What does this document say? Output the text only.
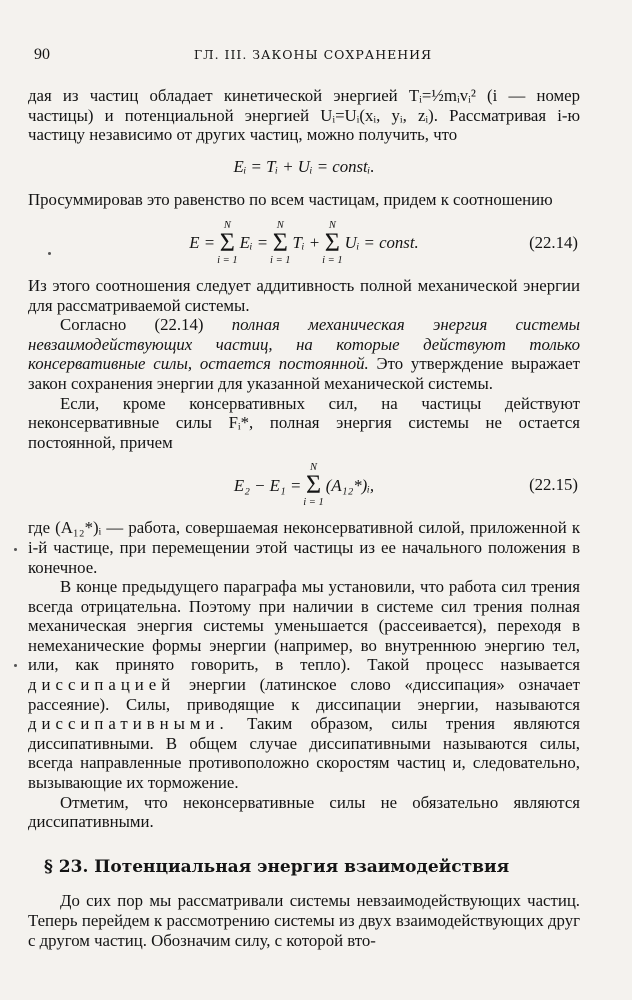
90	ГЛ. III. ЗАКОНЫ СОХРАНЕНИЯ

дая из частиц обладает кинетической энергией Tᵢ=½mᵢvᵢ² (i — номер частицы) и потенциальной энергией Uᵢ=Uᵢ(xᵢ, yᵢ, zᵢ). Рассматривая i-ю частицу независимо от других частиц, можно получить, что

Eᵢ = Tᵢ + Uᵢ = constᵢ.

Просуммировав это равенство по всем частицам, придем к соотношению

E =
N
Σ
i = 1
Eᵢ =
N
Σ
i = 1
Tᵢ +
N
Σ
i = 1
Uᵢ = const.	(22.14)

Из этого соотношения следует аддитивность полной механической энергии для рассматриваемой системы.

Согласно (22.14) полная механическая энергия системы невзаимодействующих частиц, на которые действуют только консервативные силы, остается постоянной. Это утверждение выражает закон сохранения энергии для указанной механической системы.

Если, кроме консервативных сил, на частицы действуют неконсервативные силы Fᵢ*, полная энергия системы не остается постоянной, причем

E₂ − E₁ =
N
Σ
i = 1
(A₁₂*)ᵢ,	(22.15)

где (A₁₂*)ᵢ — работа, совершаемая неконсервативной силой, приложенной к i-й частице, при перемещении этой частицы из ее начального положения в конечное.

В конце предыдущего параграфа мы установили, что работа сил трения всегда отрицательна. Поэтому при наличии в системе сил трения полная механическая энергия системы уменьшается (рассеивается), переходя в немеханические формы энергии (например, во внутреннюю энергию тел, или, как принято говорить, в тепло). Такой процесс называется диссипацией энергии (латинское слово «диссипация» означает рассеяние). Силы, приводящие к диссипации энергии, называются диссипативными. Таким образом, силы трения являются диссипативными. В общем случае диссипативными называются силы, всегда направленные противоположно скоростям частиц и, следовательно, вызывающие их торможение.

Отметим, что неконсервативные силы не обязательно являются диссипативными.

§ 23. Потенциальная энергия взаимодействия

До сих пор мы рассматривали системы невзаимодействующих частиц. Теперь перейдем к рассмотрению системы из двух взаимодействующих друг с другом частиц. Обозначим силу, с которой вто-
